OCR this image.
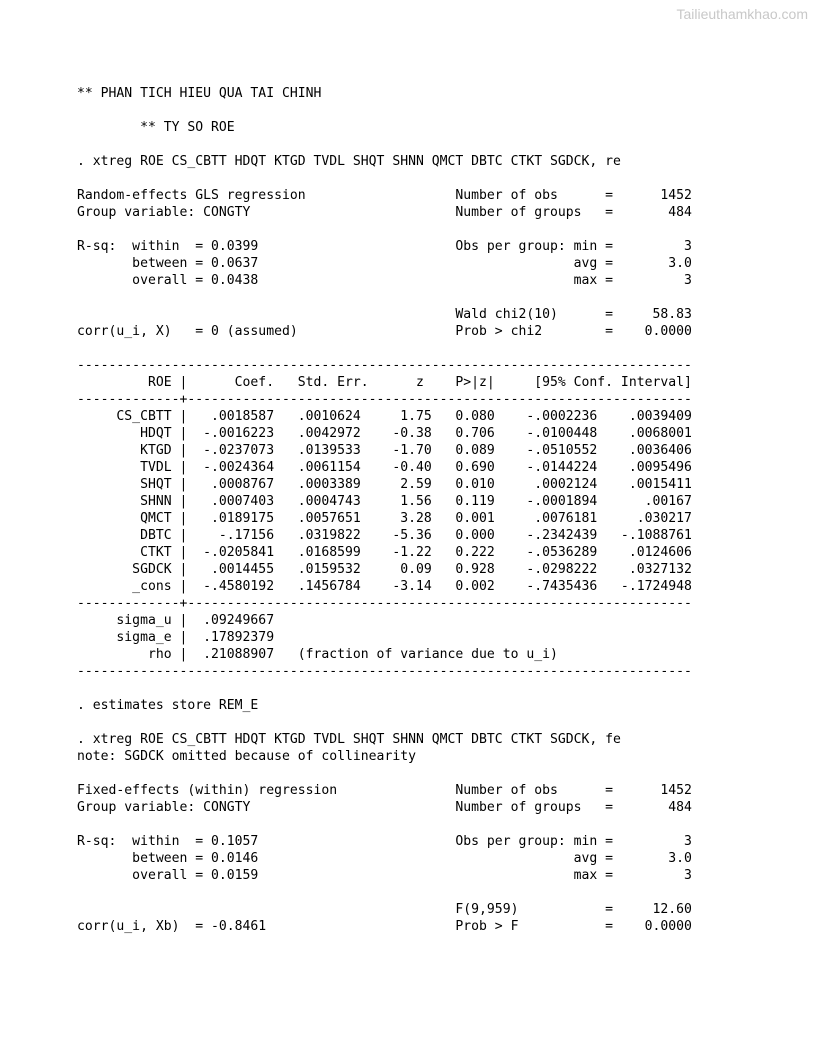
Tailieuthamkhao.com
** PHAN TICH HIEU QUA TAI CHINH

** TY SO ROE

. xtreg ROE CS_CBTT HDQT KTGD TVDL SHQT SHNN QMCT DBTC CTKT SGDCK, re

Random-effects GLS regression                   Number of obs      =      1452
Group variable: CONGTY                          Number of groups   =       484

R-sq:  within  = 0.0399                         Obs per group: min =         3
between = 0.0637                                        avg =       3.0
overall = 0.0438                                        max =         3

Wald chi2(10)      =     58.83
corr(u_i, X)   = 0 (assumed)                    Prob > chi2        =    0.0000

------------------------------------------------------------------------------
ROE |      Coef.   Std. Err.      z    P>|z|     [95% Conf. Interval]
-------------+----------------------------------------------------------------
CS_CBTT |   .0018587   .0010624     1.75   0.080    -.0002236    .0039409
HDQT |  -.0016223   .0042972    -0.38   0.706    -.0100448    .0068001
KTGD |  -.0237073   .0139533    -1.70   0.089    -.0510552    .0036406
TVDL |  -.0024364   .0061154    -0.40   0.690    -.0144224    .0095496
SHQT |   .0008767   .0003389     2.59   0.010     .0002124    .0015411
SHNN |   .0007403   .0004743     1.56   0.119    -.0001894      .00167
QMCT |   .0189175   .0057651     3.28   0.001     .0076181     .030217
DBTC |    -.17156   .0319822    -5.36   0.000    -.2342439   -.1088761
CTKT |  -.0205841   .0168599    -1.22   0.222    -.0536289    .0124606
SGDCK |   .0014455   .0159532     0.09   0.928    -.0298222    .0327132
_cons |  -.4580192   .1456784    -3.14   0.002    -.7435436   -.1724948
-------------+----------------------------------------------------------------
sigma_u |  .09249667
sigma_e |  .17892379
rho |  .21088907   (fraction of variance due to u_i)
------------------------------------------------------------------------------

. estimates store REM_E

. xtreg ROE CS_CBTT HDQT KTGD TVDL SHQT SHNN QMCT DBTC CTKT SGDCK, fe
note: SGDCK omitted because of collinearity

Fixed-effects (within) regression               Number of obs      =      1452
Group variable: CONGTY                          Number of groups   =       484

R-sq:  within  = 0.1057                         Obs per group: min =         3
between = 0.0146                                        avg =       3.0
overall = 0.0159                                        max =         3

F(9,959)           =     12.60
corr(u_i, Xb)  = -0.8461                        Prob > F           =    0.0000
